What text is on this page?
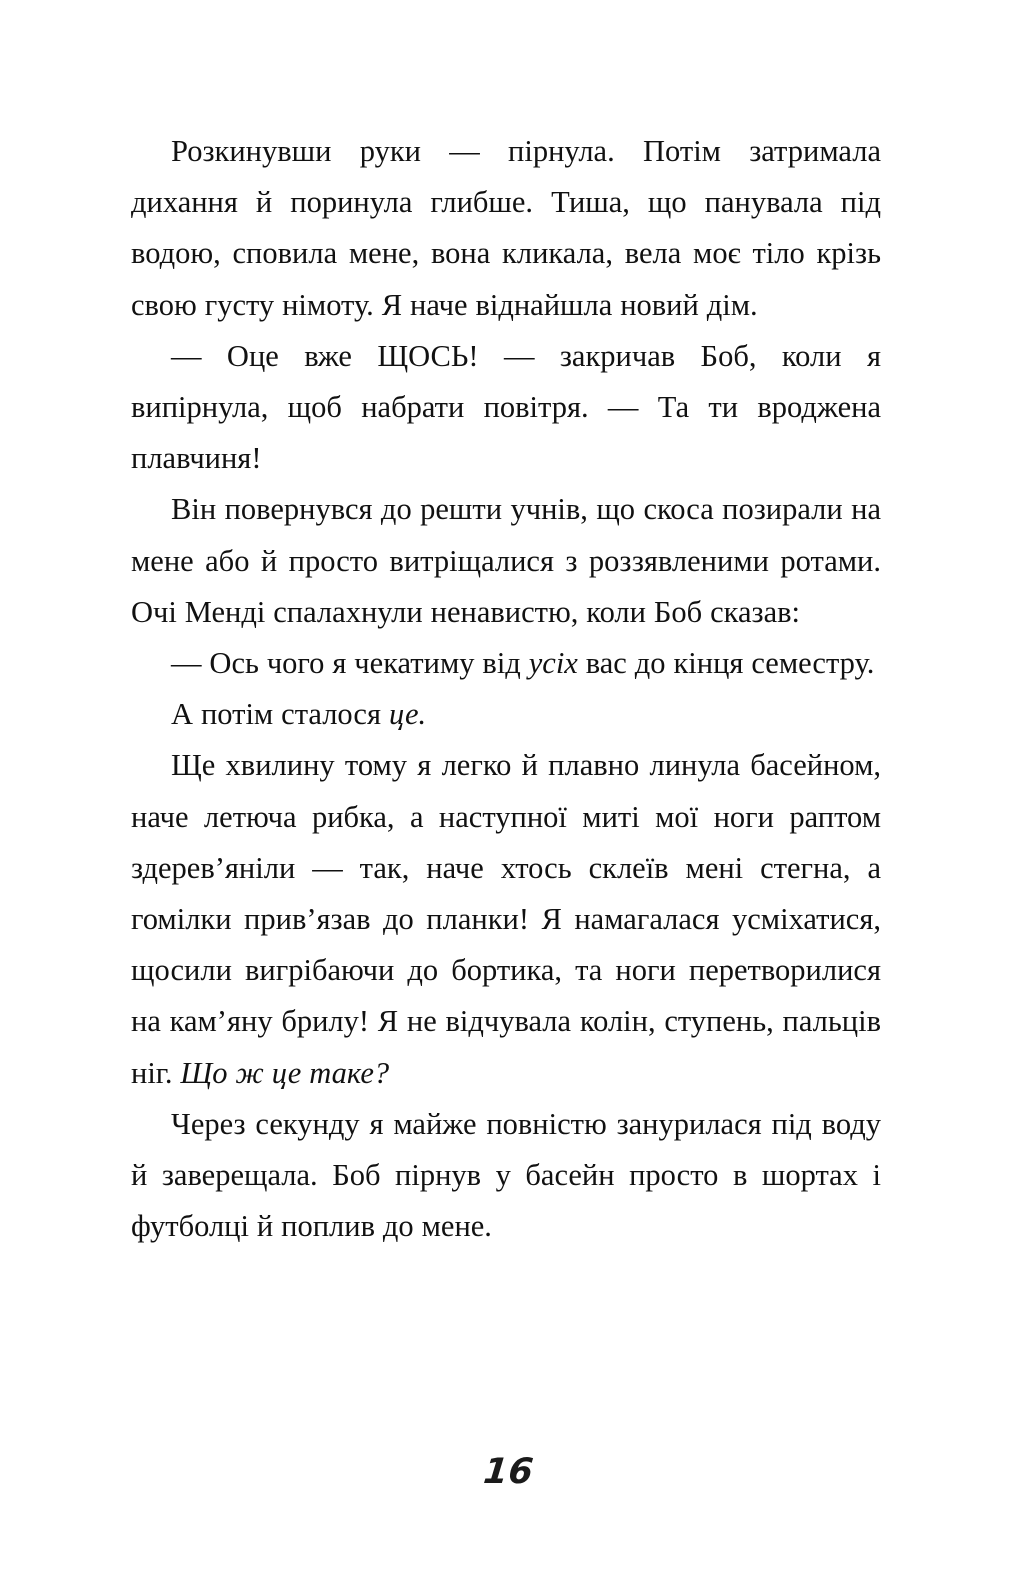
Розкинувши руки — пірнула. Потім затримала дихання й поринула глибше. Тиша, що панувала під водою, сповила мене, вона кликала, вела моє тіло крізь свою густу німоту. Я наче віднайшла новий дім.

— Оце вже ЩОСЬ! — закричав Боб, коли я випірнула, щоб набрати повітря. — Та ти вроджена плавчиня!

Він повернувся до решти учнів, що скоса позирали на мене або й просто витріщалися з роззявленими ротами. Очі Менді спалахнули ненавистю, коли Боб сказав:

— Ось чого я чекатиму від усіх вас до кінця семестру.

А потім сталося це.

Ще хвилину тому я легко й плавно линула басейном, наче летюча рибка, а наступної миті мої ноги раптом здерев’яніли — так, наче хтось склеїв мені стегна, а гомілки прив’язав до планки! Я намагалася усміхатися, щосили вигрібаючи до бортика, та ноги перетворилися на кам’яну брилу! Я не відчувала колін, ступень, пальців ніг. Що ж це таке?

Через секунду я майже повністю занурилася під воду й заверещала. Боб пірнув у басейн просто в шортах і футболці й поплив до мене.

16
